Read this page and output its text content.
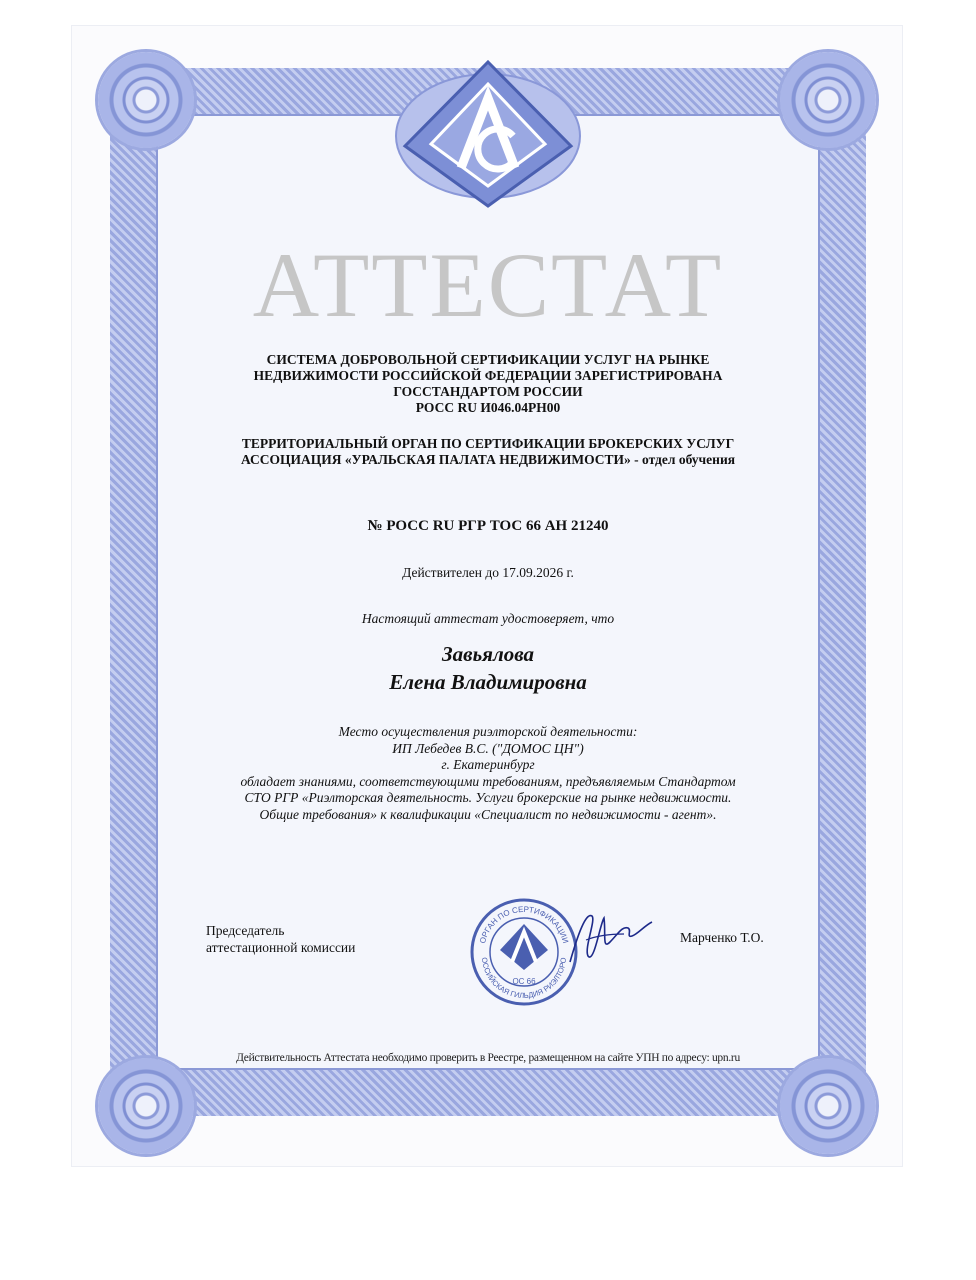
АТТЕСТАТ
СИСТЕМА ДОБРОВОЛЬНОЙ СЕРТИФИКАЦИИ УСЛУГ НА РЫНКЕ
НЕДВИЖИМОСТИ РОССИЙСКОЙ ФЕДЕРАЦИИ ЗАРЕГИСТРИРОВАНА
ГОССТАНДАРТОМ РОССИИ
РОСС RU И046.04РН00
ТЕРРИТОРИАЛЬНЫЙ ОРГАН ПО СЕРТИФИКАЦИИ БРОКЕРСКИХ УСЛУГ
АССОЦИАЦИЯ «УРАЛЬСКАЯ ПАЛАТА НЕДВИЖИМОСТИ» - отдел обучения
№ РОСС RU РГР ТОС 66 АН 21240
Действителен до 17.09.2026 г.
Настоящий аттестат удостоверяет, что
Завьялова
Елена Владимировна
Место осуществления риэлторской деятельности:
ИП Лебедев В.С. ("ДОМОС ЦН")
г. Екатеринбург
обладает знаниями, соответствующими требованиям, предъявляемым Стандартом
СТО РГР «Риэлторская деятельность. Услуги брокерские на рынке недвижимости.
Общие требования» к квалификации «Специалист по недвижимости - агент».
Председатель
аттестационной комиссии	ОРГАН ПО СЕРТИФИКАЦИИ
ОССИЙСКАЯ ГИЛЬДИЯ РИЭЛТОРО
ОС 66
Марченко Т.О.
Действительность Аттестата необходимо проверить в Реестре, размещенном на сайте УПН по адресу: upn.ru
